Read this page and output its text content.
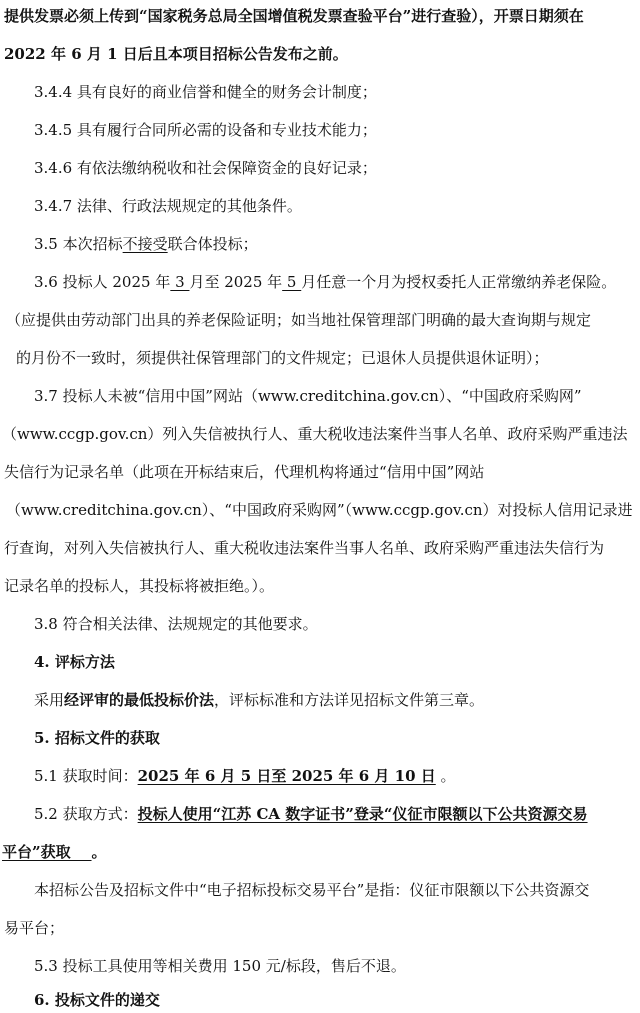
提供发票必须上传到“国家税务总局全国增值税发票查验平台”进行查验），开票日期须在
2022 年 6 月 1 日后且本项目招标公告发布之前。
3.4.4 具有良好的商业信誉和健全的财务会计制度；
3.4.5 具有履行合同所必需的设备和专业技术能力；
3.4.6 有依法缴纳税收和社会保障资金的良好记录；
3.4.7 法律、行政法规规定的其他条件。
3.5 本次招标不接受联合体投标；
3.6 投标人 2025 年 3 月至 2025 年 5 月任意一个月为授权委托人正常缴纳养老保险。
（应提供由劳动部门出具的养老保险证明；如当地社保管理部门明确的最大查询期与规定
的月份不一致时，须提供社保管理部门的文件规定；已退休人员提供退休证明）；
3.7 投标人未被“信用中国”网站（www.creditchina.gov.cn）、“中国政府采购网”
（www.ccgp.gov.cn）列入失信被执行人、重大税收违法案件当事人名单、政府采购严重违法
失信行为记录名单（此项在开标结束后，代理机构将通过“信用中国”网站
（www.creditchina.gov.cn）、“中国政府采购网”（www.ccgp.gov.cn）对投标人信用记录进
行查询，对列入失信被执行人、重大税收违法案件当事人名单、政府采购严重违法失信行为
记录名单的投标人，其投标将被拒绝。）。
3.8 符合相关法律、法规规定的其他要求。
4. 评标方法
采用经评审的最低投标价法，评标标准和方法详见招标文件第三章。
5. 招标文件的获取
5.1 获取时间：2025 年 6 月 5 日至 2025 年 6 月 10 日 。
5.2 获取方式：投标人使用“江苏 CA 数字证书”登录“仪征市限额以下公共资源交易
平台”获取    。
本招标公告及招标文件中“电子招标投标交易平台”是指：仪征市限额以下公共资源交
易平台；
5.3 投标工具使用等相关费用 150 元/标段，售后不退。
6. 投标文件的递交
